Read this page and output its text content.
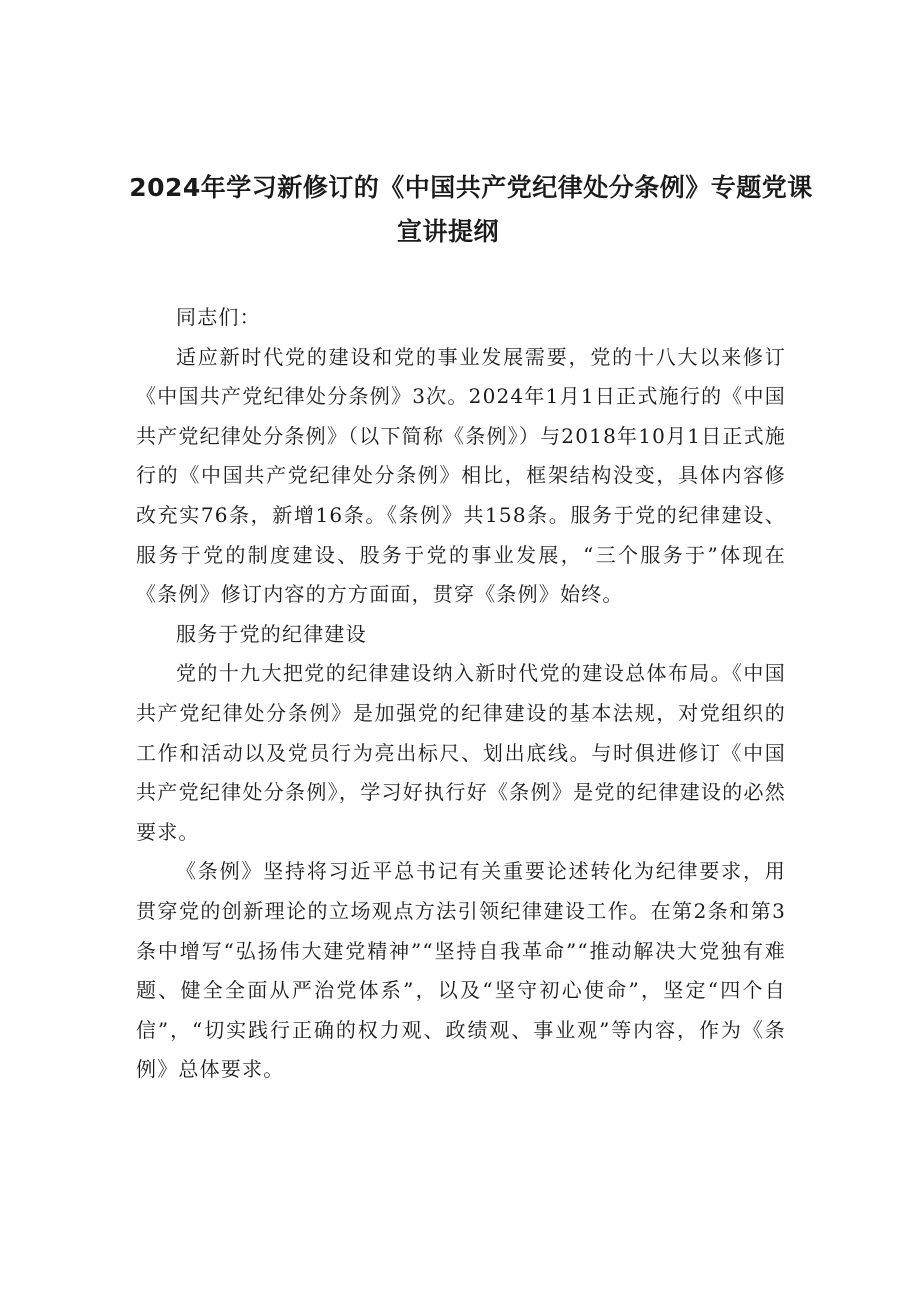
2024年学习新修订的《中国共产党纪律处分条例》专题党课
宣讲提纲

同志们：

适应新时代党的建设和党的事业发展需要，党的十八大以来修订《中国共产党纪律处分条例》3次。2024年1月1日正式施行的《中国共产党纪律处分条例》（以下简称《条例》）与2018年10月1日正式施行的《中国共产党纪律处分条例》相比，框架结构没变，具体内容修改充实76条，新增16条。《条例》共158条。服务于党的纪律建设、服务于党的制度建设、股务于党的事业发展，“三个服务于”体现在《条例》修订内容的方方面面，贯穿《条例》始终。

服务于党的纪律建设

党的十九大把党的纪律建设纳入新时代党的建设总体布局。《中国共产党纪律处分条例》是加强党的纪律建设的基本法规，对党组织的工作和活动以及党员行为亮出标尺、划出底线。与时俱进修订《中国共产党纪律处分条例》，学习好执行好《条例》是党的纪律建设的必然要求。

《条例》坚持将习近平总书记有关重要论述转化为纪律要求，用贯穿党的创新理论的立场观点方法引领纪律建设工作。在第2条和第3条中增写“弘扬伟大建党精神”“坚持自我革命”“推动解决大党独有难题、健全全面从严治党体系”，以及“坚守初心使命”，坚定“四个自信”，“切实践行正确的权力观、政绩观、事业观”等内容，作为《条例》总体要求。
